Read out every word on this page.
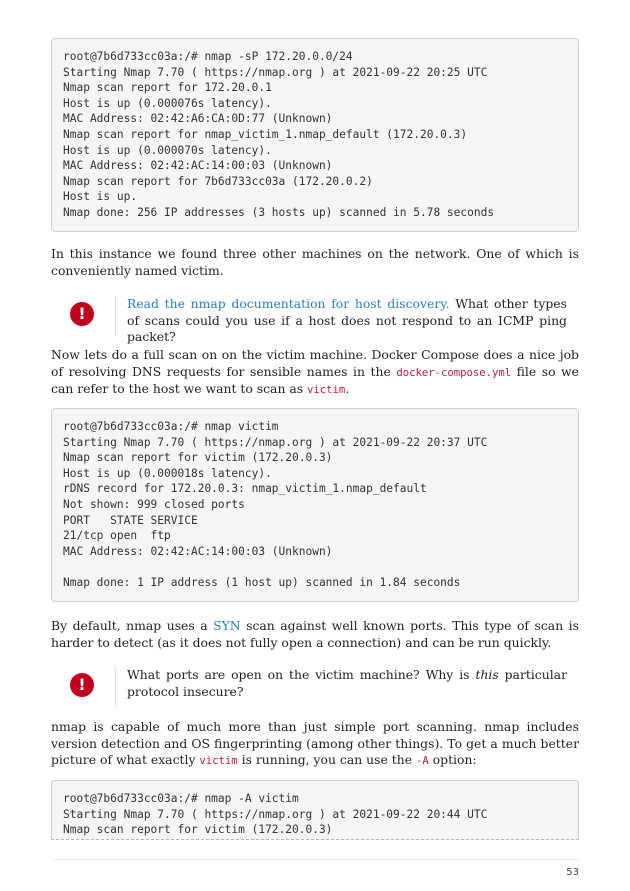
root@7b6d733cc03a:/# nmap -sP 172.20.0.0/24
Starting Nmap 7.70 ( https://nmap.org ) at 2021-09-22 20:25 UTC
Nmap scan report for 172.20.0.1
Host is up (0.000076s latency).
MAC Address: 02:42:A6:CA:0D:77 (Unknown)
Nmap scan report for nmap_victim_1.nmap_default (172.20.0.3)
Host is up (0.000070s latency).
MAC Address: 02:42:AC:14:00:03 (Unknown)
Nmap scan report for 7b6d733cc03a (172.20.0.2)
Host is up.
Nmap done: 256 IP addresses (3 hosts up) scanned in 5.78 seconds

In this instance we found three other machines on the network. One of which is conveniently named victim.

!

Read the nmap documentation for host discovery. What other types of scans could you use if a host does not respond to an ICMP ping packet?

Now lets do a full scan on on the victim machine. Docker Compose does a nice job of resolving DNS requests for sensible names in the docker-compose.yml file so we can refer to the host we want to scan as victim.

root@7b6d733cc03a:/# nmap victim
Starting Nmap 7.70 ( https://nmap.org ) at 2021-09-22 20:37 UTC
Nmap scan report for victim (172.20.0.3)
Host is up (0.000018s latency).
rDNS record for 172.20.0.3: nmap_victim_1.nmap_default
Not shown: 999 closed ports
PORT   STATE SERVICE
21/tcp open  ftp
MAC Address: 02:42:AC:14:00:03 (Unknown)
Nmap done: 1 IP address (1 host up) scanned in 1.84 seconds

By default, nmap uses a SYN scan against well known ports. This type of scan is harder to detect (as it does not fully open a connection) and can be run quickly.

!

What ports are open on the victim machine? Why is this particular protocol insecure?

nmap is capable of much more than just simple port scanning. nmap includes version detection and OS fingerprinting (among other things). To get a much better picture of what exactly victim is running, you can use the -A option:

root@7b6d733cc03a:/# nmap -A victim
Starting Nmap 7.70 ( https://nmap.org ) at 2021-09-22 20:44 UTC
Nmap scan report for victim (172.20.0.3)
53
